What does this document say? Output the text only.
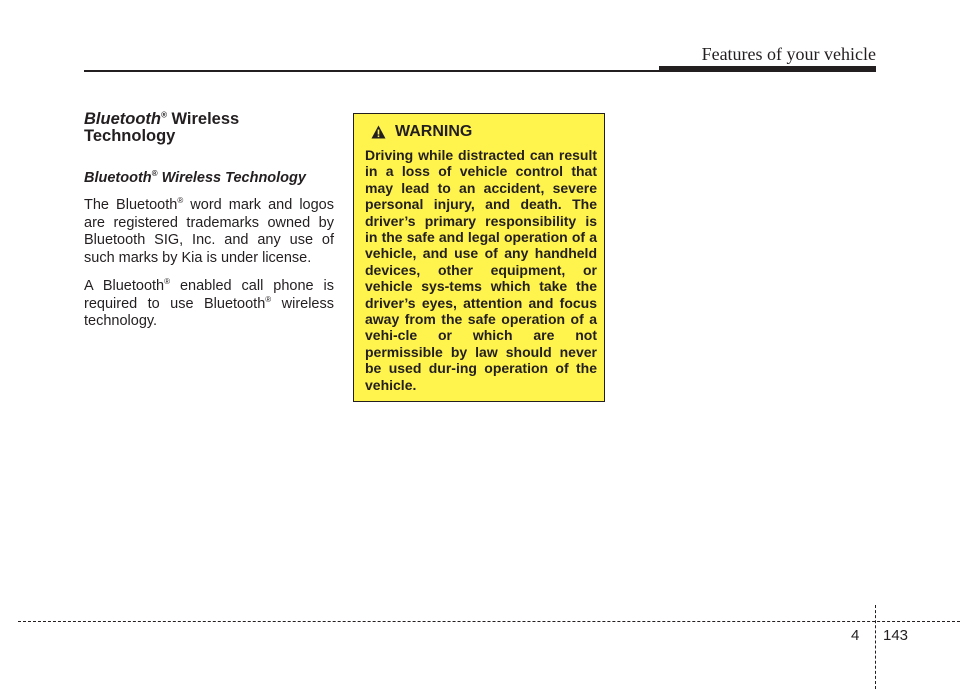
Features of your vehicle
Bluetooth® Wireless
Technology
Bluetooth® Wireless Technology

The Bluetooth® word mark and logos are registered trademarks owned by Bluetooth SIG, Inc. and any use of such marks by Kia is under license.

A Bluetooth® enabled call phone is required to use Bluetooth® wireless technology.

WARNING

Driving while distracted can result in a loss of vehicle control that may lead to an accident, severe personal injury, and death. The driver’s primary responsibility is in the safe and legal operation of a vehicle, and use of any handheld devices, other equipment, or vehicle sys-tems which take the driver’s eyes, attention and focus away from the safe operation of a vehi-cle or which are not permissible by law should never be used dur-ing operation of the vehicle.

4 143
